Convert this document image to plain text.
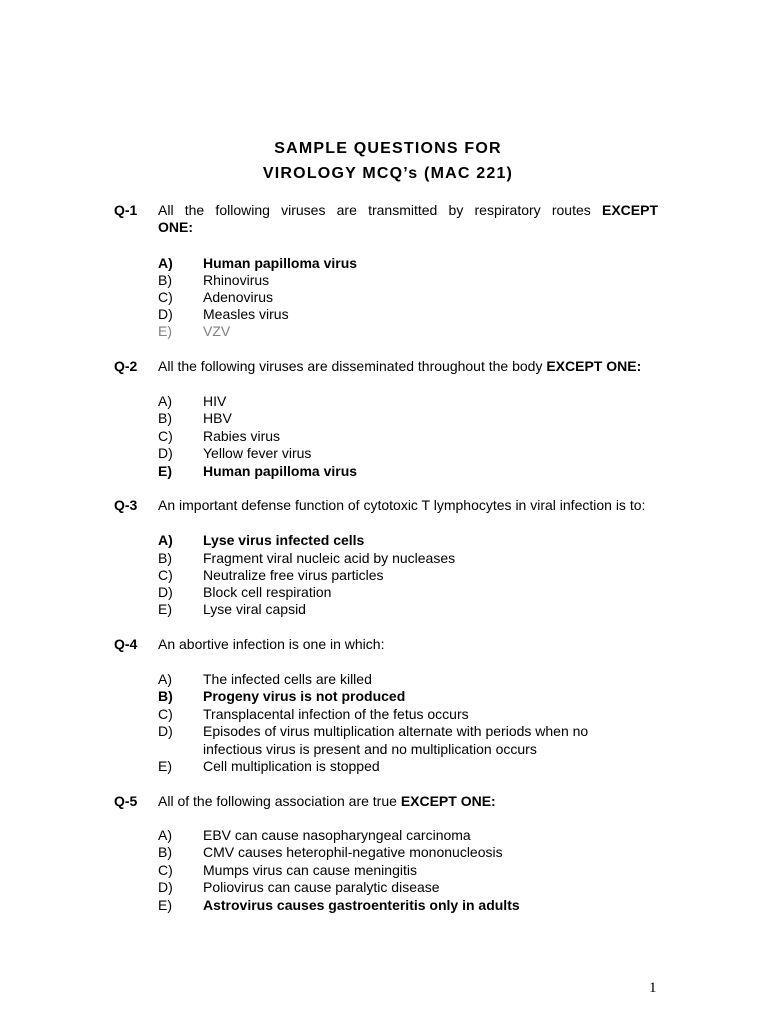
SAMPLE QUESTIONS FOR
VIROLOGY MCQ’s (MAC 221)
Q-1 All the following viruses are transmitted by respiratory routes EXCEPT
ONE:
A) Human papilloma virus
B) Rhinovirus
C) Adenovirus
D) Measles virus
E) VZV
Q-2 All the following viruses are disseminated throughout the body EXCEPT ONE:
A) HIV
B) HBV
C) Rabies virus
D) Yellow fever virus
E) Human papilloma virus
Q-3 An important defense function of cytotoxic T lymphocytes in viral infection is to:
A) Lyse virus infected cells
B) Fragment viral nucleic acid by nucleases
C) Neutralize free virus particles
D) Block cell respiration
E) Lyse viral capsid
Q-4 An abortive infection is one in which:
A) The infected cells are killed
B) Progeny virus is not produced
C) Transplacental infection of the fetus occurs
D) Episodes of virus multiplication alternate with periods when no infectious virus is present and no multiplication occurs
E) Cell multiplication is stopped
Q-5 All of the following association are true EXCEPT ONE:
A) EBV can cause nasopharyngeal carcinoma
B) CMV causes heterophil-negative mononucleosis
C) Mumps virus can cause meningitis
D) Poliovirus can cause paralytic disease
E) Astrovirus causes gastroenteritis only in adults
1
